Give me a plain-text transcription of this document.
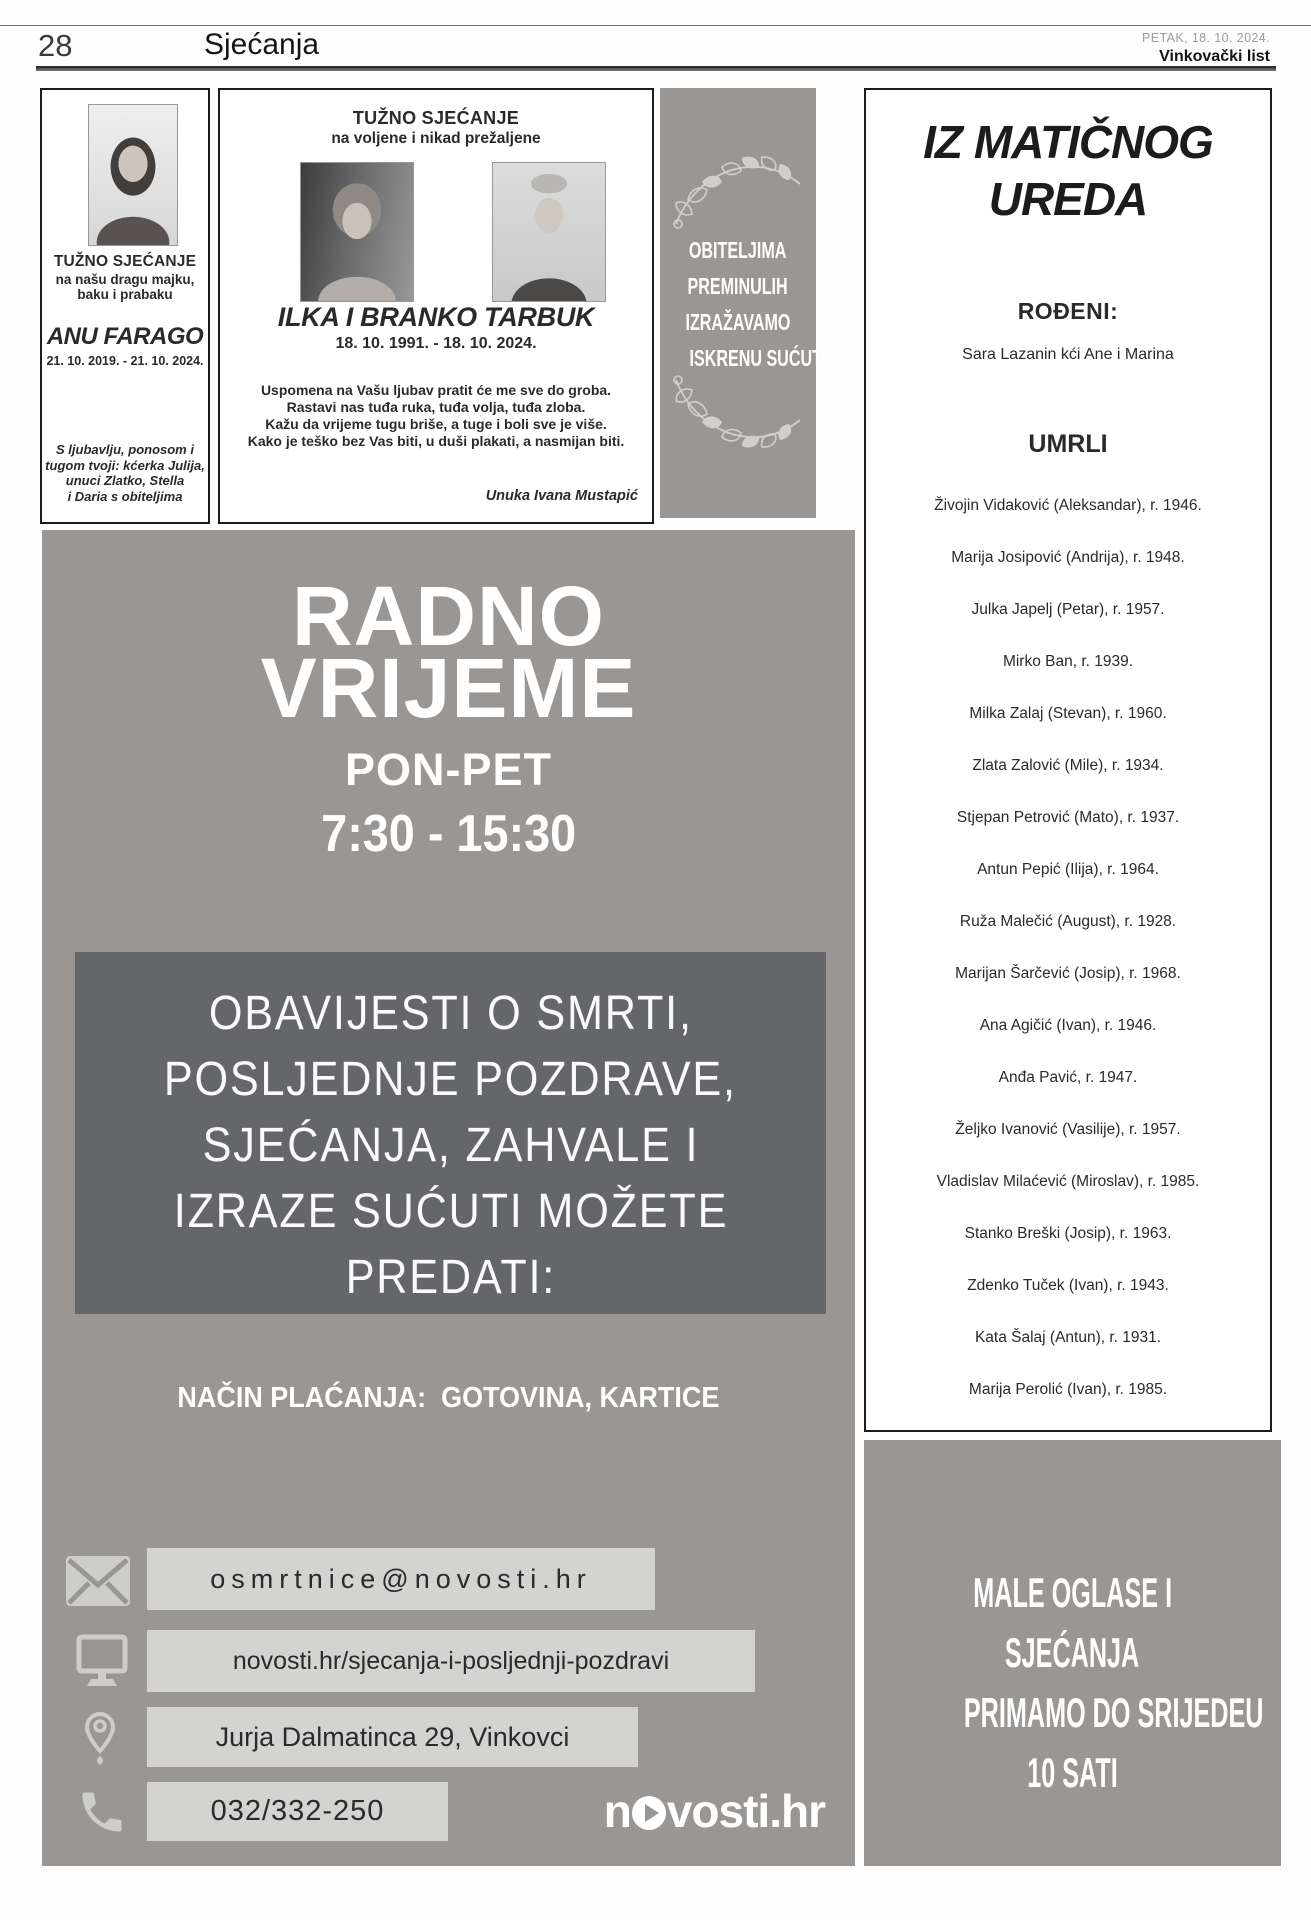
28	Sjećanja	PETAK, 18. 10. 2024.
Vinkovački list
TUŽNO SJEĆANJE
na našu dragu majku,
baku i prabaku
ANU FARAGO
21. 10. 2019. - 21. 10. 2024.
S ljubavlju, ponosom i
tugom tvoji: kćerka Julija,
unuci Zlatko, Stella
i Daria s obiteljima
TUŽNO SJEĆANJE
na voljene i nikad prežaljene
ILKA I BRANKO TARBUK
18. 10. 1991. - 18. 10. 2024.
Uspomena na Vašu ljubav pratit će me sve do groba.
Rastavi nas tuđa ruka, tuđa volja, tuđa zloba.
Kažu da vrijeme tugu briše, a tuge i boli sve je više.
Kako je teško bez Vas biti, u duši plakati, a nasmijan biti.
Unuka Ivana Mustapić
OBITELJIMA
PREMINULIH
IZRAŽAVAMO
ISKRENU SUĆUT!
IZ MATIČNOG
UREDA
ROĐENI:
Sara Lazanin kći Ane i Marina
UMRLI
Živojin Vidaković (Aleksandar), r. 1946.
Marija Josipović (Andrija), r. 1948.
Julka Japelj (Petar), r. 1957.
Mirko Ban, r. 1939.
Milka Zalaj (Stevan), r. 1960.
Zlata Zalović (Mile), r. 1934.
Stjepan Petrović (Mato), r. 1937.
Antun Pepić (Ilija), r. 1964.
Ruža Malečić (August), r. 1928.
Marijan Šarčević (Josip), r. 1968.
Ana Agičić (Ivan), r. 1946.
Anđa Pavić, r. 1947.
Željko Ivanović (Vasilije), r. 1957.
Vladislav Milaćević (Miroslav), r. 1985.
Stanko Breški (Josip), r. 1963.
Zdenko Tuček (Ivan), r. 1943.
Kata Šalaj (Antun), r. 1931.
Marija Perolić (Ivan), r. 1985.
RADNO
VRIJEME
PON-PET
7:30 - 15:30
OBAVIJESTI O SMRTI,
POSLJEDNJE POZDRAVE,
SJEĆANJA, ZAHVALE I
IZRAZE SUĆUTI MOŽETE
PREDATI:
NAČIN PLAĆANJA:  GOTOVINA, KARTICE
osmrtnice@novosti.hr
novosti.hr/sjecanja-i-posljednji-pozdravi
Jurja Dalmatinca 29, Vinkovci
032/332-250	n vosti.hr
MALE OGLASE I
SJEĆANJA
PRIMAMO DO SRIJEDEU
10 SATI
